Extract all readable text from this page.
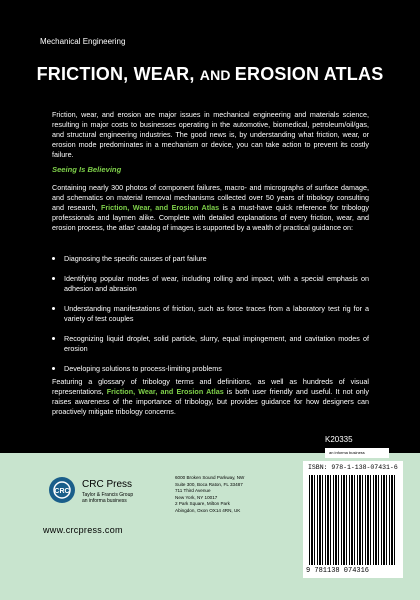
Mechanical Engineering
FRICTION, WEAR, AND EROSION ATLAS
Friction, wear, and erosion are major issues in mechanical engineering and materials science, resulting in major costs to businesses operating in the automotive, biomedical, petroleum/oil/gas, and structural engineering industries. The good news is, by understanding what friction, wear, or erosion mode predominates in a mechanism or device, you can take action to prevent its costly failure.
Seeing Is Believing
Containing nearly 300 photos of component failures, macro- and micrographs of surface damage, and schematics on material removal mechanisms collected over 50 years of tribology consulting and research, Friction, Wear, and Erosion Atlas is a must-have quick reference for tribology professionals and laymen alike. Complete with detailed explanations of every friction, wear, and erosion process, the atlas' catalog of images is supported by a wealth of practical guidance on:
Diagnosing the specific causes of part failure
Identifying popular modes of wear, including rolling and impact, with a special emphasis on adhesion and abrasion
Understanding manifestations of friction, such as force traces from a laboratory test rig for a variety of test couples
Recognizing liquid droplet, solid particle, slurry, equal impingement, and cavitation modes of erosion
Developing solutions to process-limiting problems
Featuring a glossary of tribology terms and definitions, as well as hundreds of visual representations, Friction, Wear, and Erosion Atlas is both user friendly and useful. It not only raises awareness of the importance of tribology, but provides guidance for how designers can proactively mitigate tribology concerns.
K20335
an informa business
CRC
CRC Press
Taylor & Francis Group
an informa business
www.crcpress.com
6000 Broken Sound Parkway, NW
Suite 300, Boca Raton, FL 33487
711 Third Avenue
New York, NY 10017
2 Park Square, Milton Park
Abingdon, Oxon OX14 4RN, UK
ISBN: 978-1-138-07431-6
9 781138 074316
